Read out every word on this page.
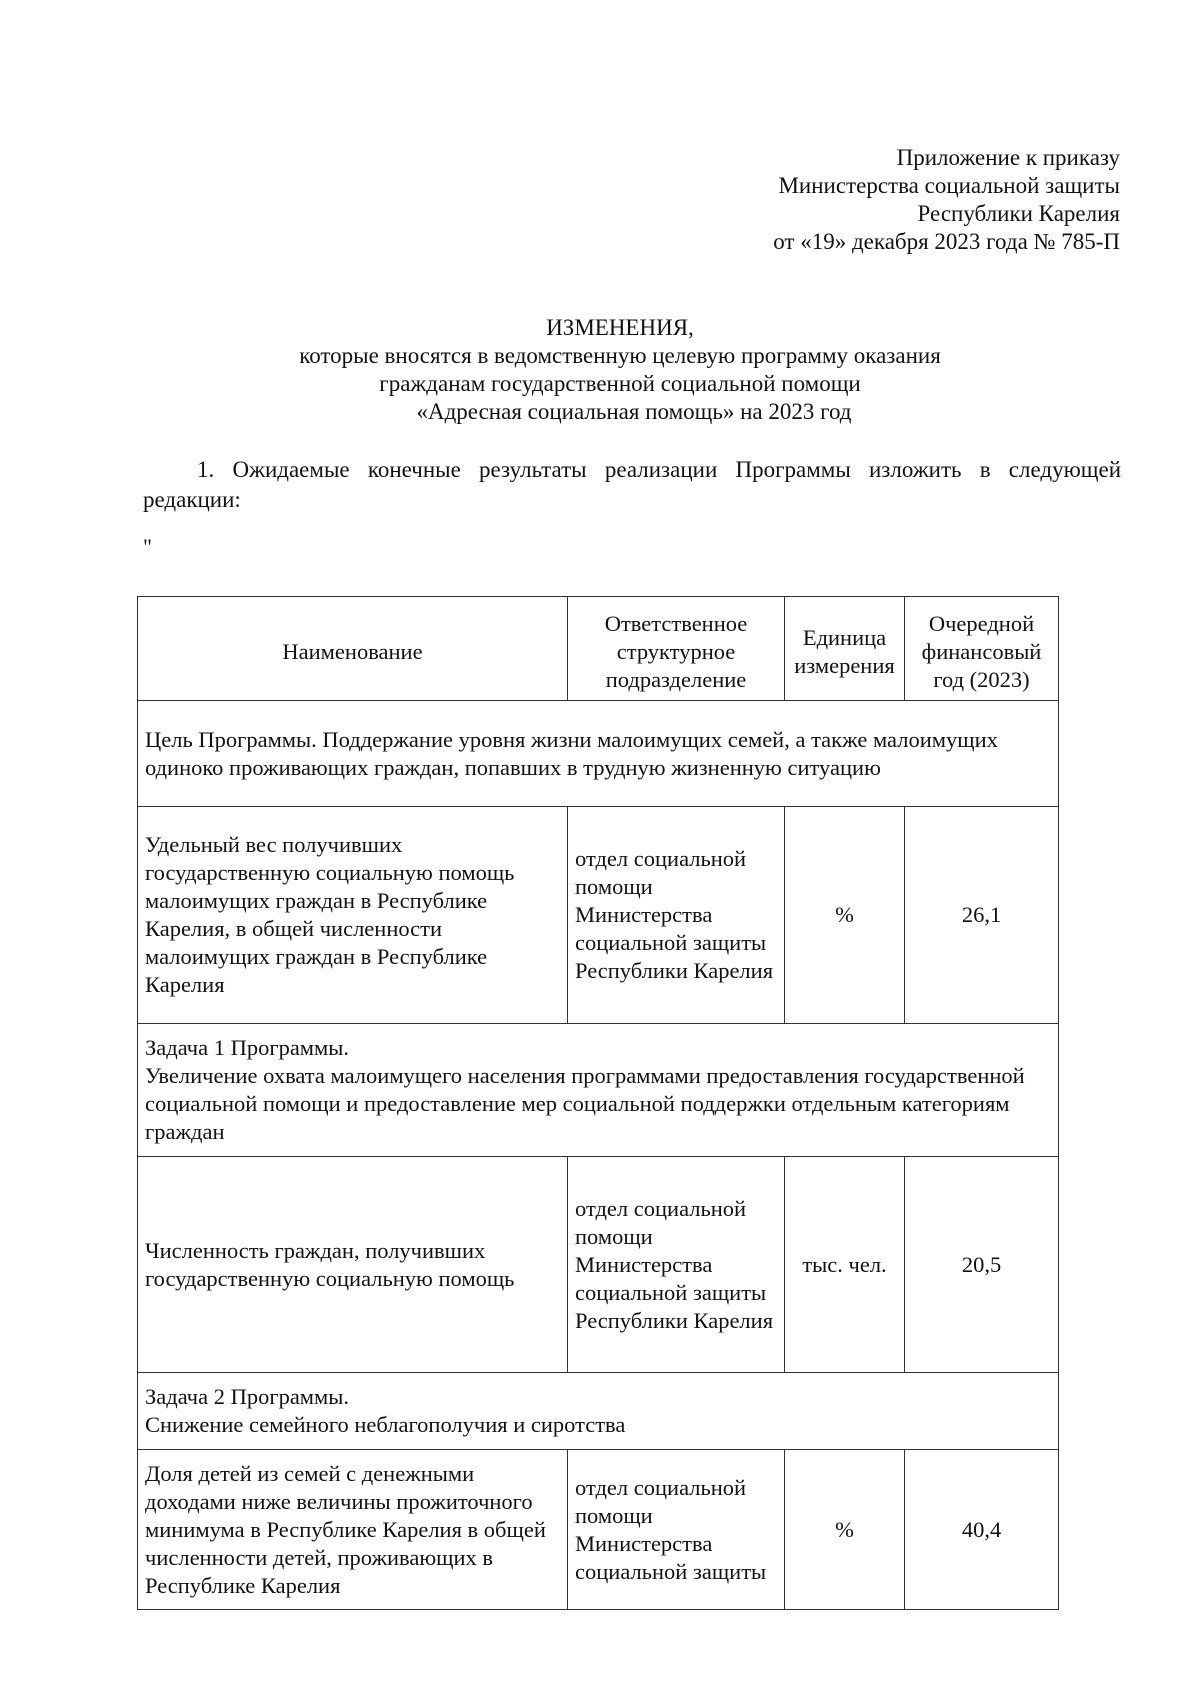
Приложение к приказу
Министерства социальной защиты
Республики Карелия
от «19» декабря 2023 года № 785-П
ИЗМЕНЕНИЯ,
которые вносятся в ведомственную целевую программу оказания
гражданам государственной социальной помощи
«Адресная социальная помощь» на 2023 год
1. Ожидаемые конечные результаты реализации Программы изложить в следующей редакции:
"
Наименование	Ответственное структурное подразделение	Единица измерения	Очередной финансовый год (2023)
Цель Программы. Поддержание уровня жизни малоимущих семей, а также малоимущих одиноко проживающих граждан, попавших в трудную жизненную ситуацию			
Удельный вес получивших государственную социальную помощь малоимущих граждан в Республике Карелия, в общей численности малоимущих граждан в Республике Карелия	отдел социальной помощи Министерства социальной защиты Республики Карелия	%	26,1

Задача 1 Программы.
Увеличение охвата малоимущего населения программами предоставления государственной социальной помощи и предоставление мер социальной поддержки отдельным категориям граждан			

Численность граждан, получивших государственную социальную помощь	отдел социальной помощи Министерства социальной защиты Республики Карелия	тыс. чел.	20,5

Задача 2 Программы.
Снижение семейного неблагополучия и сиротства			

Доля детей из семей с денежными доходами ниже величины прожиточного минимума в Республике Карелия в общей численности детей, проживающих в Республике Карелия	отдел социальной помощи Министерства социальной защиты	%	40,4
